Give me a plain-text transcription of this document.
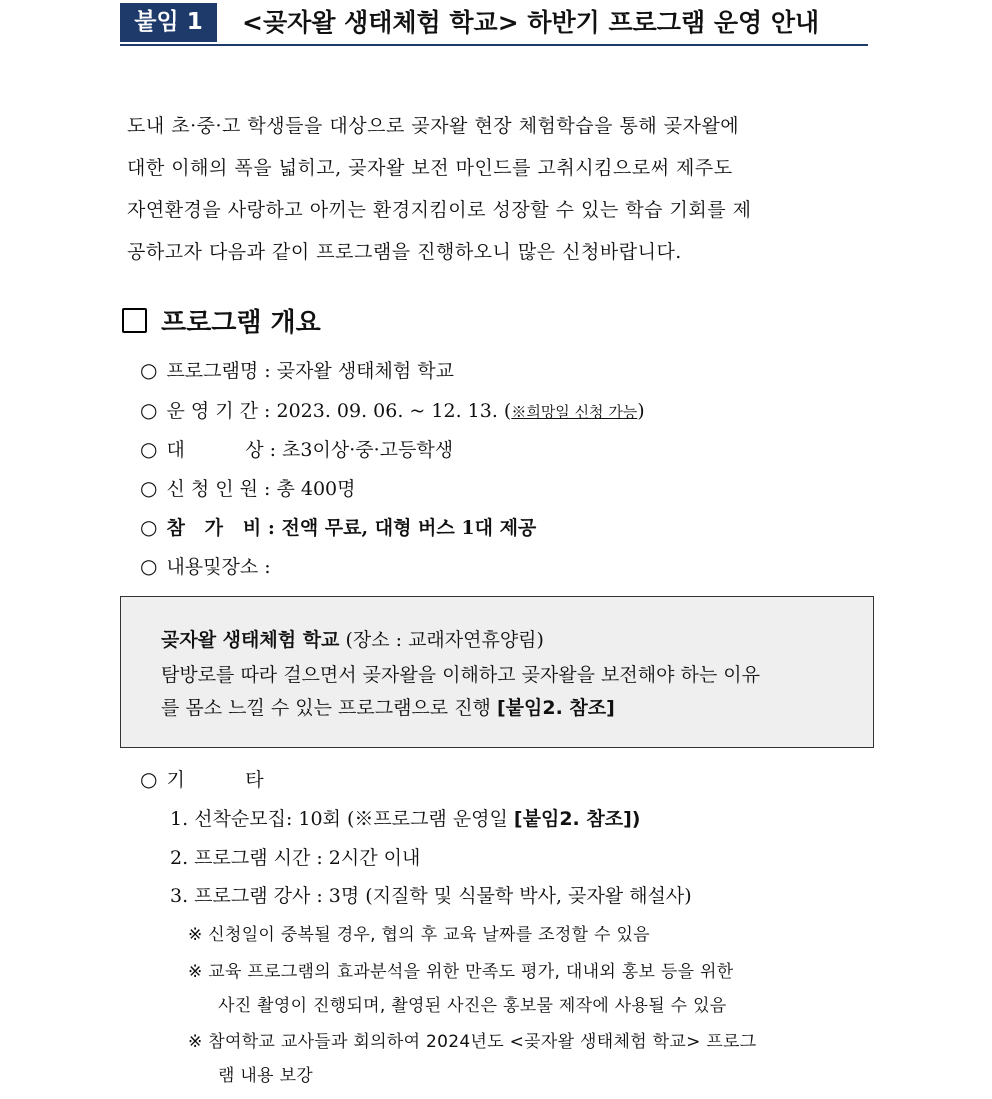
붙임 1	<곶자왈 생태체험 학교> 하반기 프로그램 운영 안내

도내 초·중·고 학생들을 대상으로 곶자왈 현장 체험학습을 통해 곶자왈에

대한 이해의 폭을 넓히고, 곶자왈 보전 마인드를 고취시킴으로써 제주도

자연환경을 사랑하고 아끼는 환경지킴이로 성장할 수 있는 학습 기회를 제

공하고자 다음과 같이 프로그램을 진행하오니 많은 신청바랍니다.

프로그램 개요
○ 프로그램명 : 곶자왈 생태체험 학교
○ 운 영 기 간 : 2023. 09. 06. ~ 12. 13. (※희망일 신청 가능)
○ 대          상 : 초3이상·중·고등학생
○ 신 청 인 원 : 총 400명
○ 참   가   비 : 전액 무료, 대형 버스 1대 제공
○ 내용및장소 :
곶자왈 생태체험 학교 (장소 : 교래자연휴양림)

탐방로를 따라 걸으면서 곶자왈을 이해하고 곶자왈을 보전해야 하는 이유

를 몸소 느낄 수 있는 프로그램으로 진행 [붙임2. 참조]

○ 기          타
1. 선착순모집: 10회 (※프로그램 운영일 [붙임2. 참조])
2. 프로그램 시간 : 2시간 이내
3. 프로그램 강사 : 3명 (지질학 및 식물학 박사, 곶자왈 해설사)

※ 신청일이 중복될 경우, 협의 후 교육 날짜를 조정할 수 있음

※ 교육 프로그램의 효과분석을 위한 만족도 평가, 대내외 홍보 등을 위한

사진 촬영이 진행되며, 촬영된 사진은 홍보물 제작에 사용될 수 있음

※ 참여학교 교사들과 회의하여 2024년도 <곶자왈 생태체험 학교> 프로그

램 내용 보강
